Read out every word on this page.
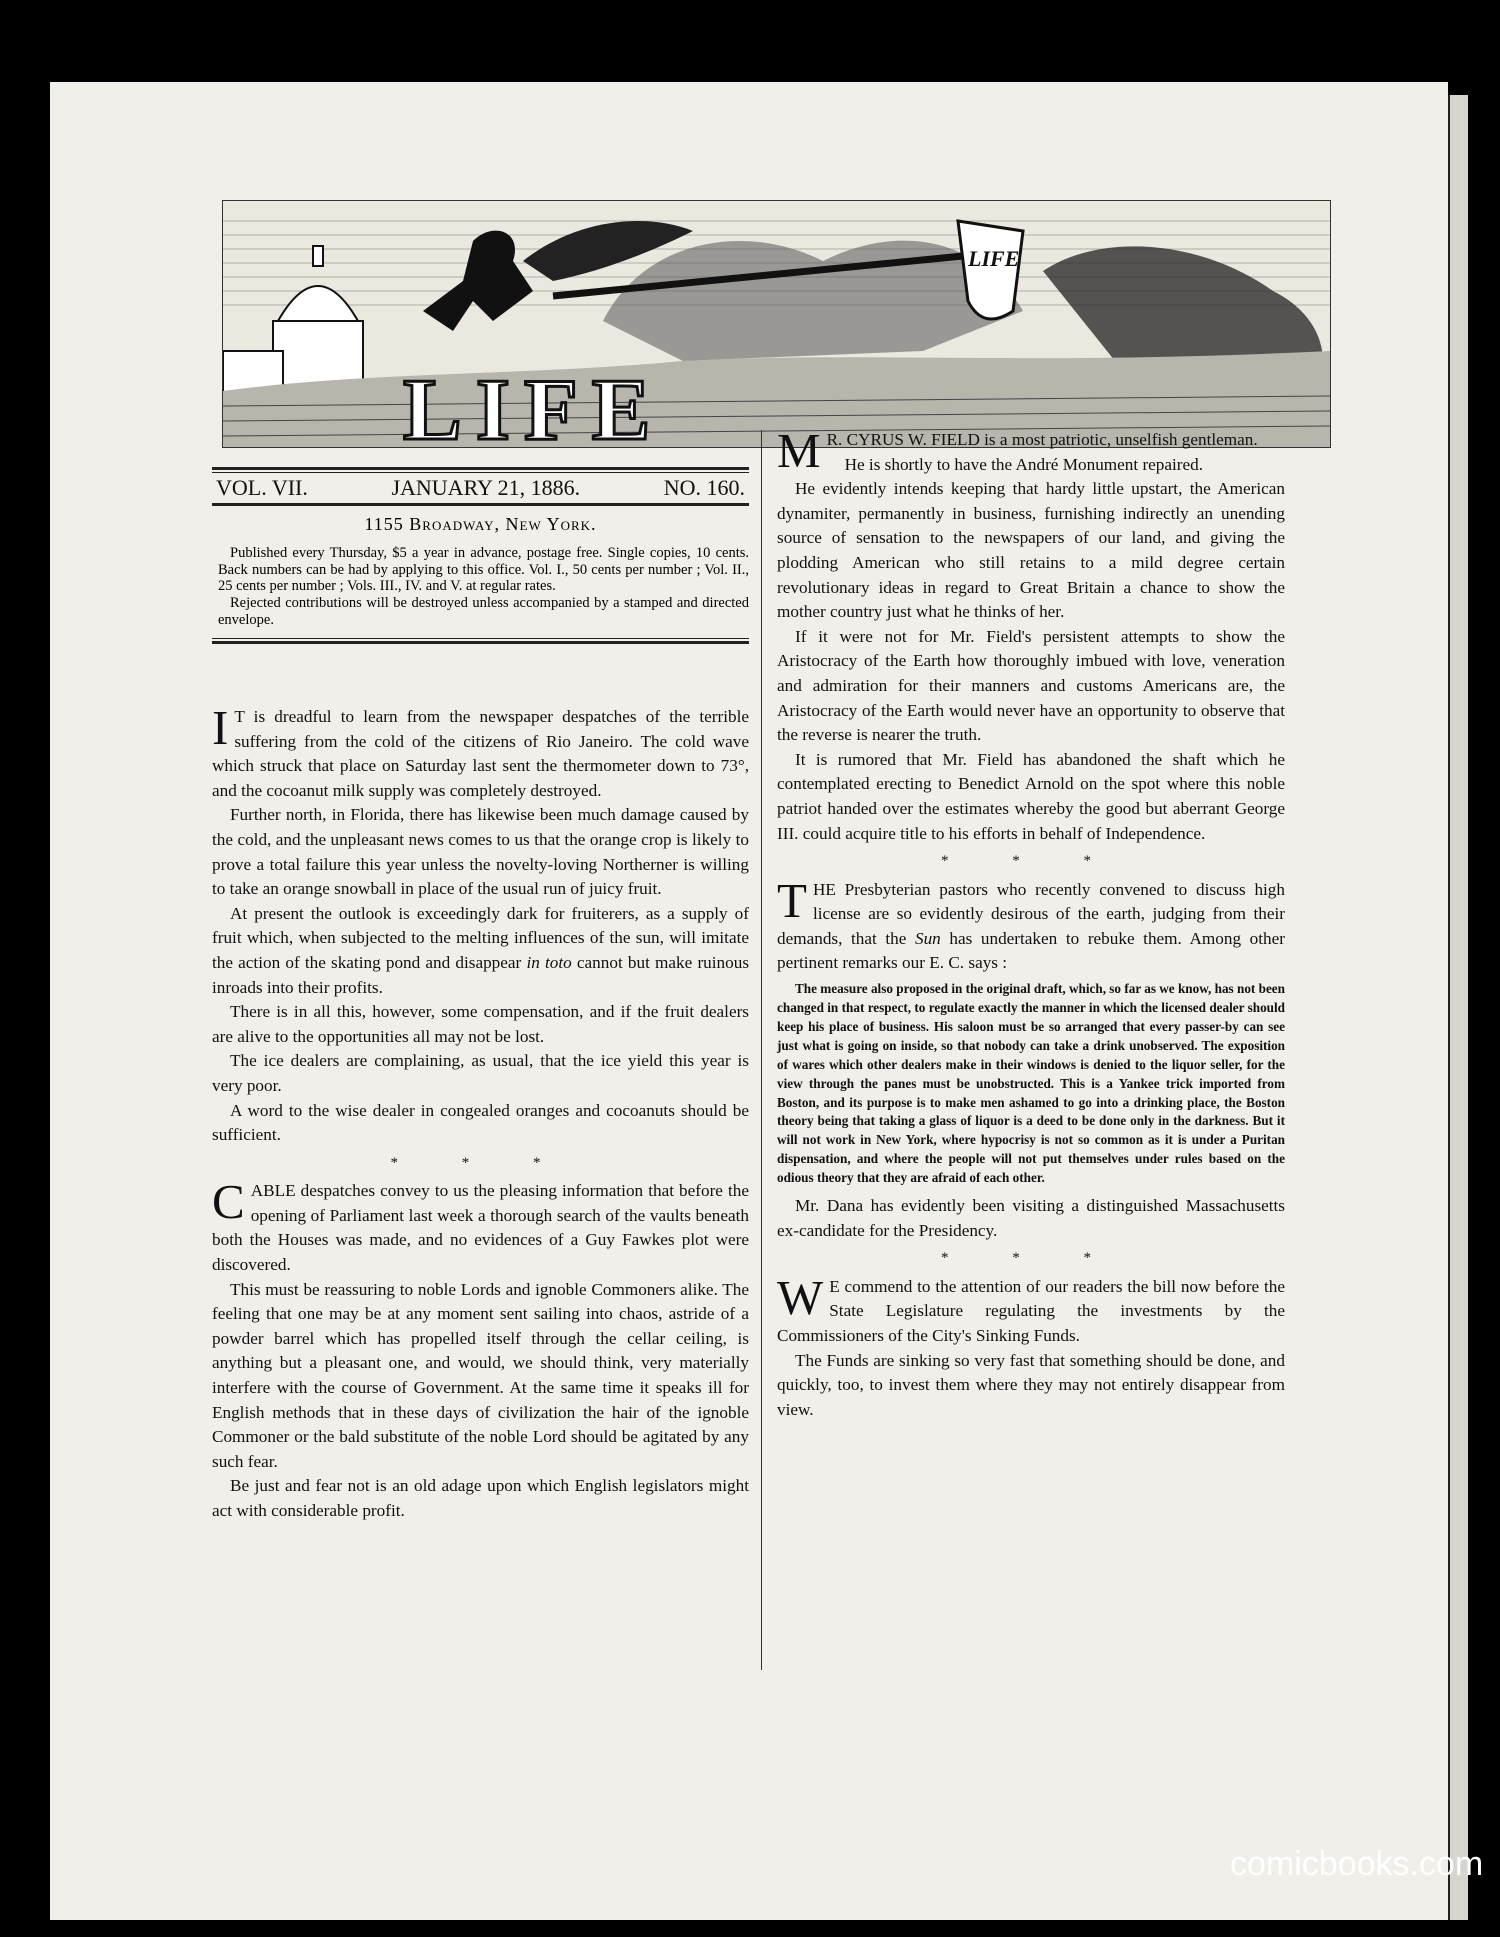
LIFE
LIFE
VOL. VII.	JANUARY 21, 1886.	NO. 160.
1155 Broadway, New York.

Published every Thursday, $5 a year in advance, postage free. Single copies, 10 cents. Back numbers can be had by applying to this office. Vol. I., 50 cents per number ; Vol. II., 25 cents per number ; Vols. III., IV. and V. at regular rates.

Rejected contributions will be destroyed unless accompanied by a stamped and directed envelope.

I T is dreadful to learn from the newspaper despatches of the terrible suffering from the cold of the citizens of Rio Janeiro. The cold wave which struck that place on Saturday last sent the thermometer down to 73°, and the cocoanut milk supply was completely destroyed.

Further north, in Florida, there has likewise been much damage caused by the cold, and the unpleasant news comes to us that the orange crop is likely to prove a total failure this year unless the novelty-loving Northerner is willing to take an orange snowball in place of the usual run of juicy fruit.

At present the outlook is exceedingly dark for fruiterers, as a supply of fruit which, when subjected to the melting influences of the sun, will imitate the action of the skating pond and disappear in toto cannot but make ruinous inroads into their profits.

There is in all this, however, some compensation, and if the fruit dealers are alive to the opportunities all may not be lost.

The ice dealers are complaining, as usual, that the ice yield this year is very poor.

A word to the wise dealer in congealed oranges and cocoanuts should be sufficient.

* * *

CABLE despatches convey to us the pleasing information that before the opening of Parliament last week a thorough search of the vaults beneath both the Houses was made, and no evidences of a Guy Fawkes plot were discovered.

This must be reassuring to noble Lords and ignoble Commoners alike. The feeling that one may be at any moment sent sailing into chaos, astride of a powder barrel which has propelled itself through the cellar ceiling, is anything but a pleasant one, and would, we should think, very materially interfere with the course of Government. At the same time it speaks ill for English methods that in these days of civilization the hair of the ignoble Commoner or the bald substitute of the noble Lord should be agitated by any such fear.

Be just and fear not is an old adage upon which English legislators might act with considerable profit.

M R. CYRUS W. FIELD is a most patriotic, unselfish gentleman.

He is shortly to have the André Monument repaired.

He evidently intends keeping that hardy little upstart, the American dynamiter, permanently in business, furnishing indirectly an unending source of sensation to the newspapers of our land, and giving the plodding American who still retains to a mild degree certain revolutionary ideas in regard to Great Britain a chance to show the mother country just what he thinks of her.

If it were not for Mr. Field's persistent attempts to show the Aristocracy of the Earth how thoroughly imbued with love, veneration and admiration for their manners and customs Americans are, the Aristocracy of the Earth would never have an opportunity to observe that the reverse is nearer the truth.

It is rumored that Mr. Field has abandoned the shaft which he contemplated erecting to Benedict Arnold on the spot where this noble patriot handed over the estimates whereby the good but aberrant George III. could acquire title to his efforts in behalf of Independence.

* * *

THE Presbyterian pastors who recently convened to discuss high license are so evidently desirous of the earth, judging from their demands, that the Sun has undertaken to rebuke them. Among other pertinent remarks our E. C. says :

The measure also proposed in the original draft, which, so far as we know, has not been changed in that respect, to regulate exactly the manner in which the licensed dealer should keep his place of business. His saloon must be so arranged that every passer-by can see just what is going on inside, so that nobody can take a drink unobserved. The exposition of wares which other dealers make in their windows is denied to the liquor seller, for the view through the panes must be unobstructed. This is a Yankee trick imported from Boston, and its purpose is to make men ashamed to go into a drinking place, the Boston theory being that taking a glass of liquor is a deed to be done only in the darkness. But it will not work in New York, where hypocrisy is not so common as it is under a Puritan dispensation, and where the people will not put themselves under rules based on the odious theory that they are afraid of each other.

Mr. Dana has evidently been visiting a distinguished Massachusetts ex-candidate for the Presidency.

* * *

W E commend to the attention of our readers the bill now before the State Legislature regulating the investments by the Commissioners of the City's Sinking Funds.

The Funds are sinking so very fast that something should be done, and quickly, too, to invest them where they may not entirely disappear from view.

comicbooks.com
